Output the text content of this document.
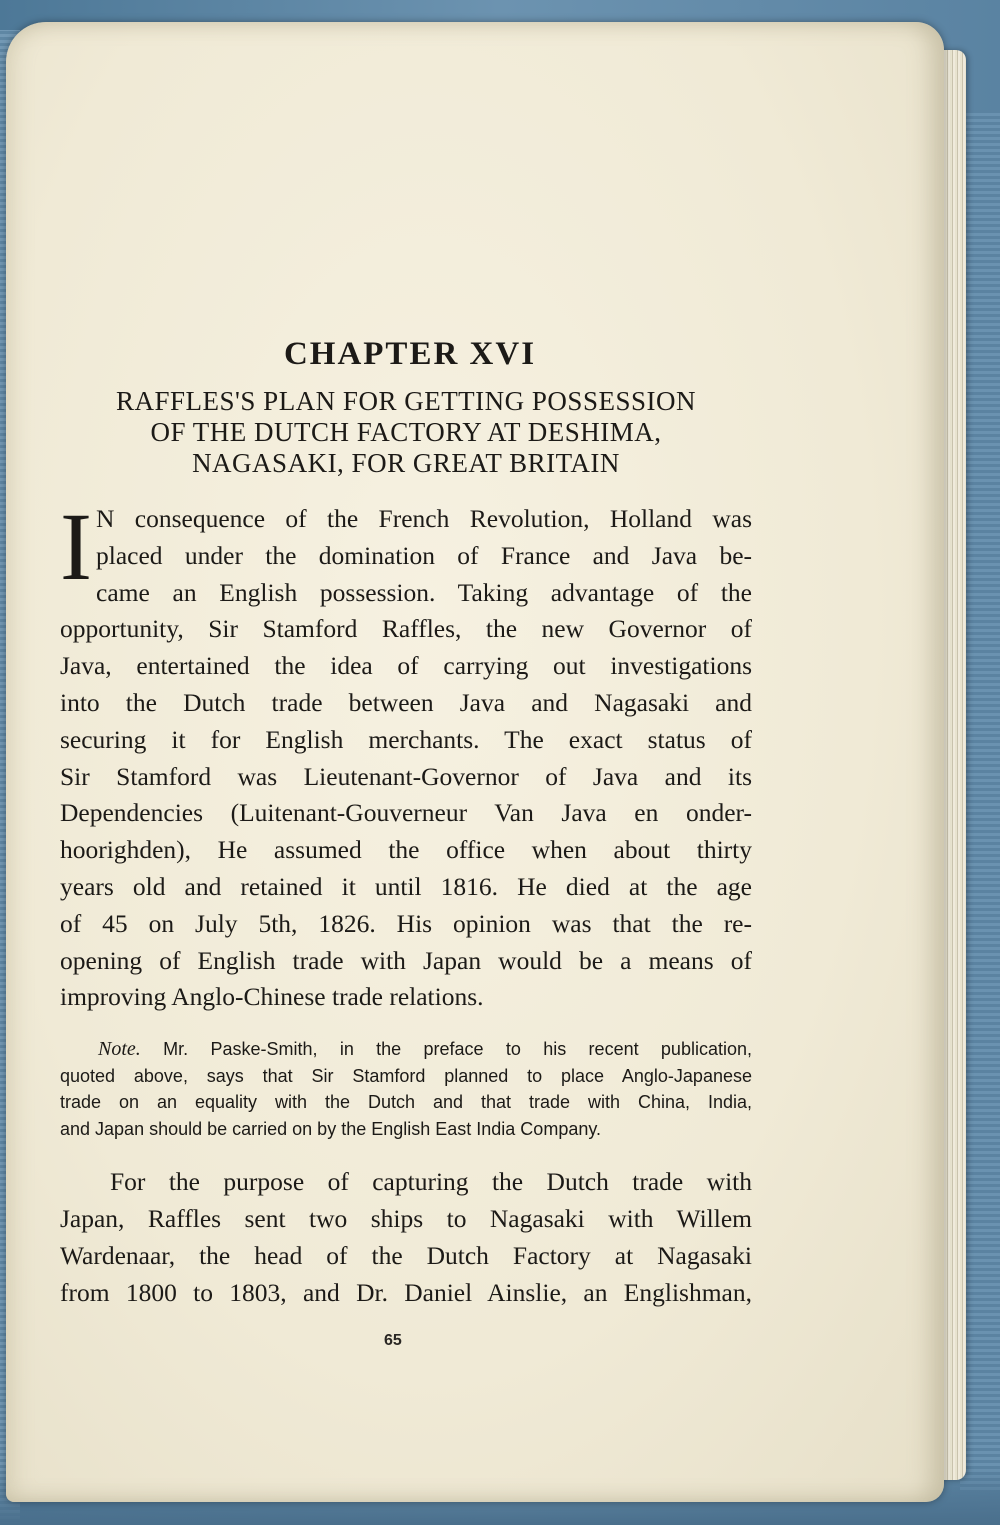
CHAPTER XVI
RAFFLES'S PLAN FOR GETTING POSSESSION
OF THE DUTCH FACTORY AT DESHIMA,
NAGASAKI, FOR GREAT BRITAIN
I N consequence of the French Revolution, Holland was
placed under the domination of France and Java be-
came an English possession. Taking advantage of the
opportunity, Sir Stamford Raffles, the new Governor of
Java, entertained the idea of carrying out investigations
into the Dutch trade between Java and Nagasaki and
securing it for English merchants. The exact status of
Sir Stamford was Lieutenant-Governor of Java and its
Dependencies (Luitenant-Gouverneur Van Java en onder-
hoorighden), He assumed the office when about thirty
years old and retained it until 1816. He died at the age
of 45 on July 5th, 1826. His opinion was that the re-
opening of English trade with Japan would be a means of
improving Anglo-Chinese trade relations.
Note. Mr. Paske-Smith, in the preface to his recent publication,
quoted above, says that Sir Stamford planned to place Anglo-Japanese
trade on an equality with the Dutch and that trade with China, India,
and Japan should be carried on by the English East India Company.
For the purpose of capturing the Dutch trade with
Japan, Raffles sent two ships to Nagasaki with Willem
Wardenaar, the head of the Dutch Factory at Nagasaki
from 1800 to 1803, and Dr. Daniel Ainslie, an Englishman,
65
